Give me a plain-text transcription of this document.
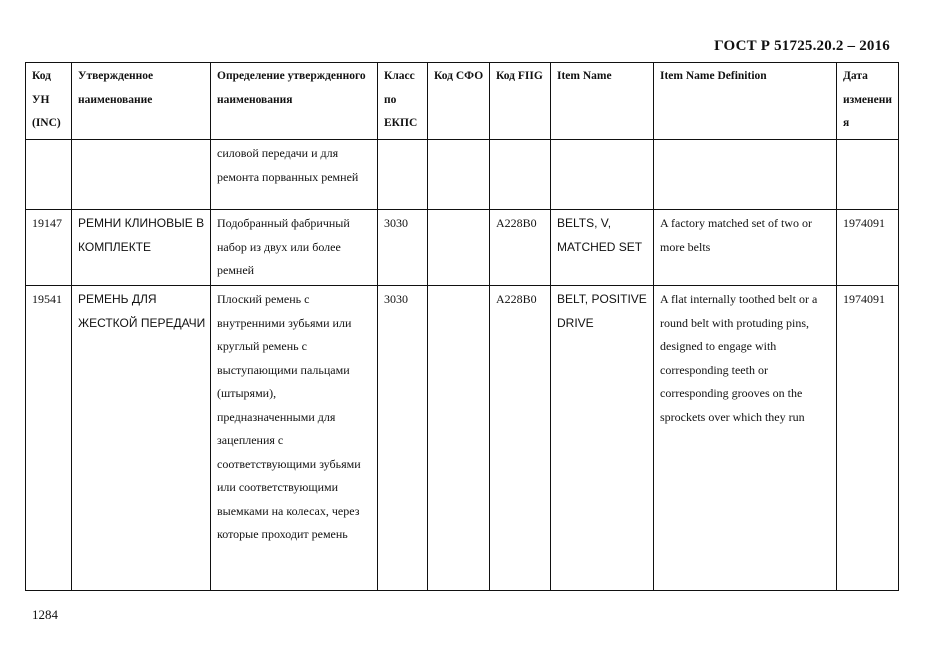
ГОСТ Р 51725.20.2 – 2016
Код УН (INC)	Утвержденное наименование	Определение утвержденного наименования	Класс по ЕКПС	Код СФО	Код FIIG	Item Name	Item Name Definition	Дата изменения
		силовой передачи и для ремонта порванных ремней						
19147	РЕМНИ КЛИНОВЫЕ В КОМПЛЕКТЕ	Подобранный фабричный набор из двух или более ремней	3030		A228B0	BELTS, V, MATCHED SET	A factory matched set of two or more belts	1974091
19541	РЕМЕНЬ ДЛЯ ЖЕСТКОЙ ПЕРЕДАЧИ	Плоский ремень с внутренними зубьями или круглый ремень с выступающими пальцами (штырями), предназначенными для зацепления с соответствующими зубьями или соответствующими выемками на колесах, через которые проходит ремень	3030		A228B0	BELT, POSITIVE DRIVE	A flat internally toothed belt or a round belt with protuding pins, designed to engage with corresponding teeth or corresponding grooves on the sprockets over which they run	1974091
1284
